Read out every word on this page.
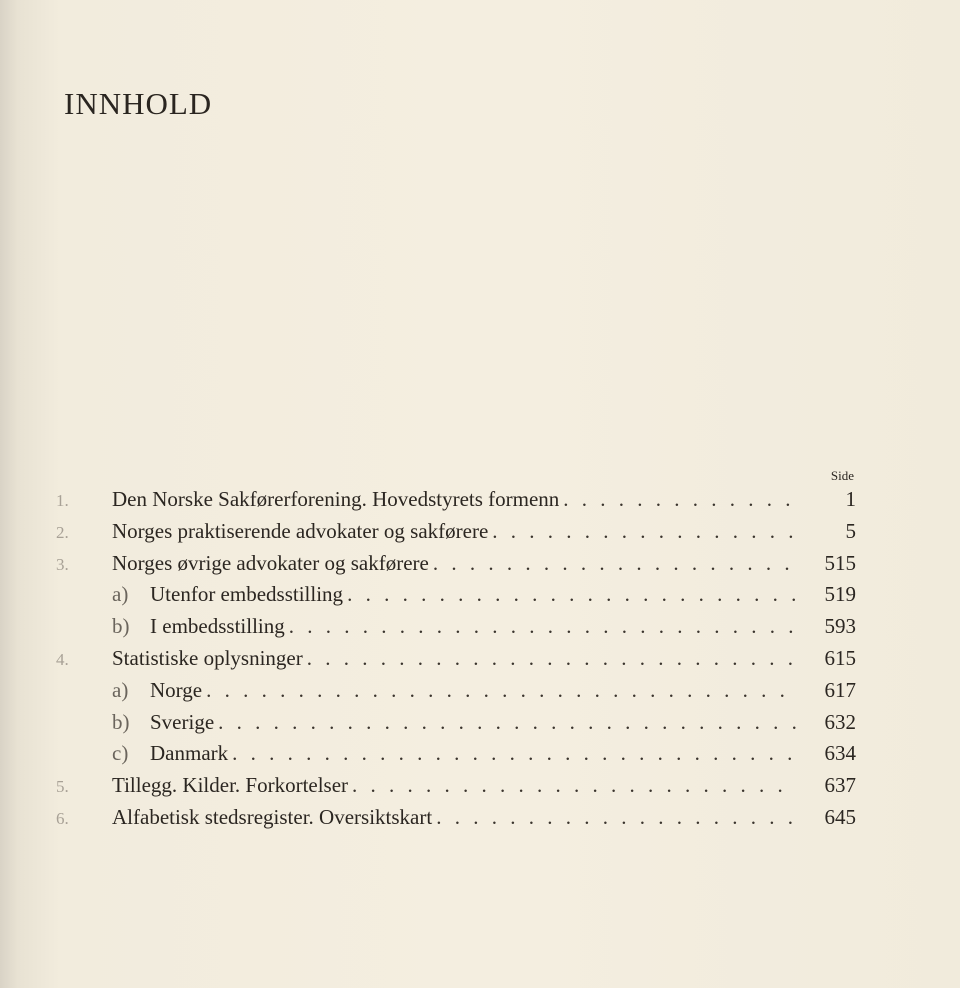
INNHOLD
Side
1.	Den Norske Sakførerforening. Hovedstyrets formenn . . .	1
2.	Norges praktiserende advokater og sakførere . . .	5
3.	Norges øvrige advokater og sakførere . . .	515
a)	Utenfor embedsstilling . . .	519
b) I embedsstilling . . .	593
4.	Statistiske oplysninger . . .	615
a)	Norge . . .	617
b) Sverige . . .	632
c)	Danmark . . .	634
5.	Tillegg. Kilder. Forkortelser . . .	637
6.	Alfabetisk stedsregister. Oversiktskart . . .	645
